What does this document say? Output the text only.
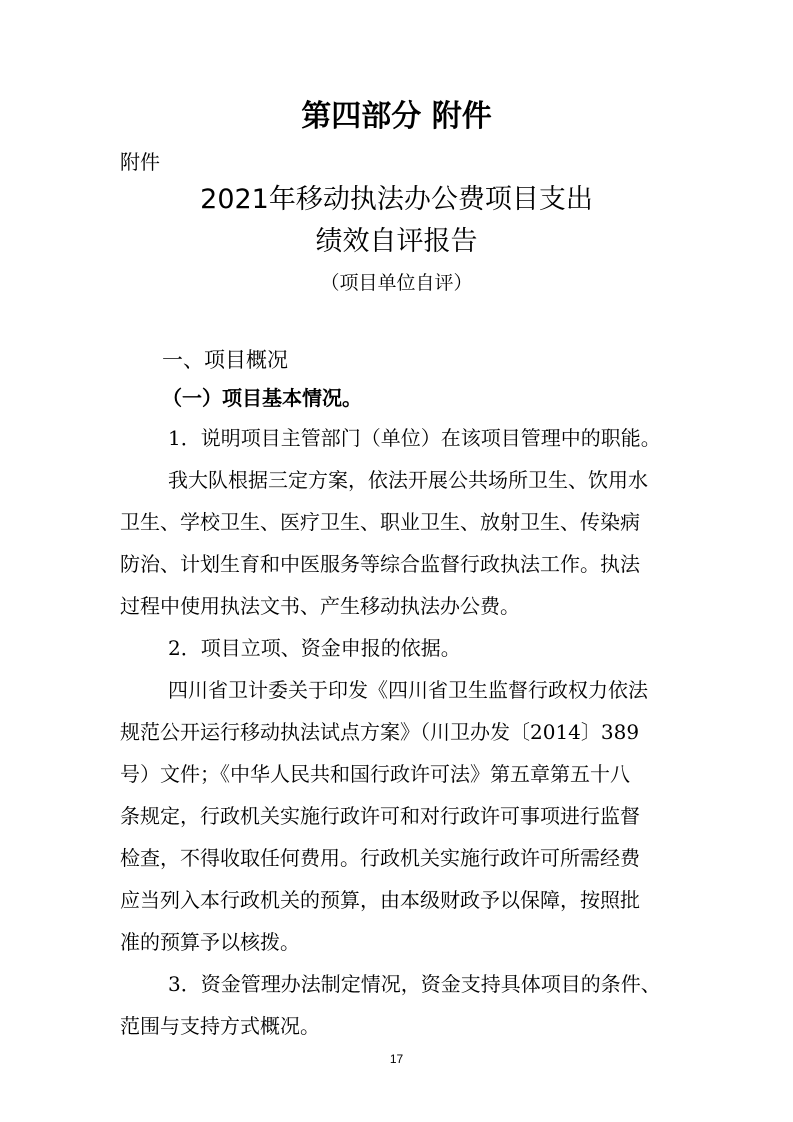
第四部分 附件
附件
2021年移动执法办公费项目支出
绩效自评报告
（项目单位自评）
一、项目概况
（一）项目基本情况。
1．说明项目主管部门（单位）在该项目管理中的职能。
我大队根据三定方案，依法开展公共场所卫生、饮用水
卫生、学校卫生、医疗卫生、职业卫生、放射卫生、传染病
防治、计划生育和中医服务等综合监督行政执法工作。执法
过程中使用执法文书、产生移动执法办公费。
2．项目立项、资金申报的依据。
四川省卫计委关于印发《四川省卫生监督行政权力依法
规范公开运行移动执法试点方案》（川卫办发〔2014〕389
号）文件；《中华人民共和国行政许可法》第五章第五十八
条规定，行政机关实施行政许可和对行政许可事项进行监督
检查，不得收取任何费用。行政机关实施行政许可所需经费
应当列入本行政机关的预算，由本级财政予以保障，按照批
准的预算予以核拨。
3．资金管理办法制定情况，资金支持具体项目的条件、
范围与支持方式概况。
17
